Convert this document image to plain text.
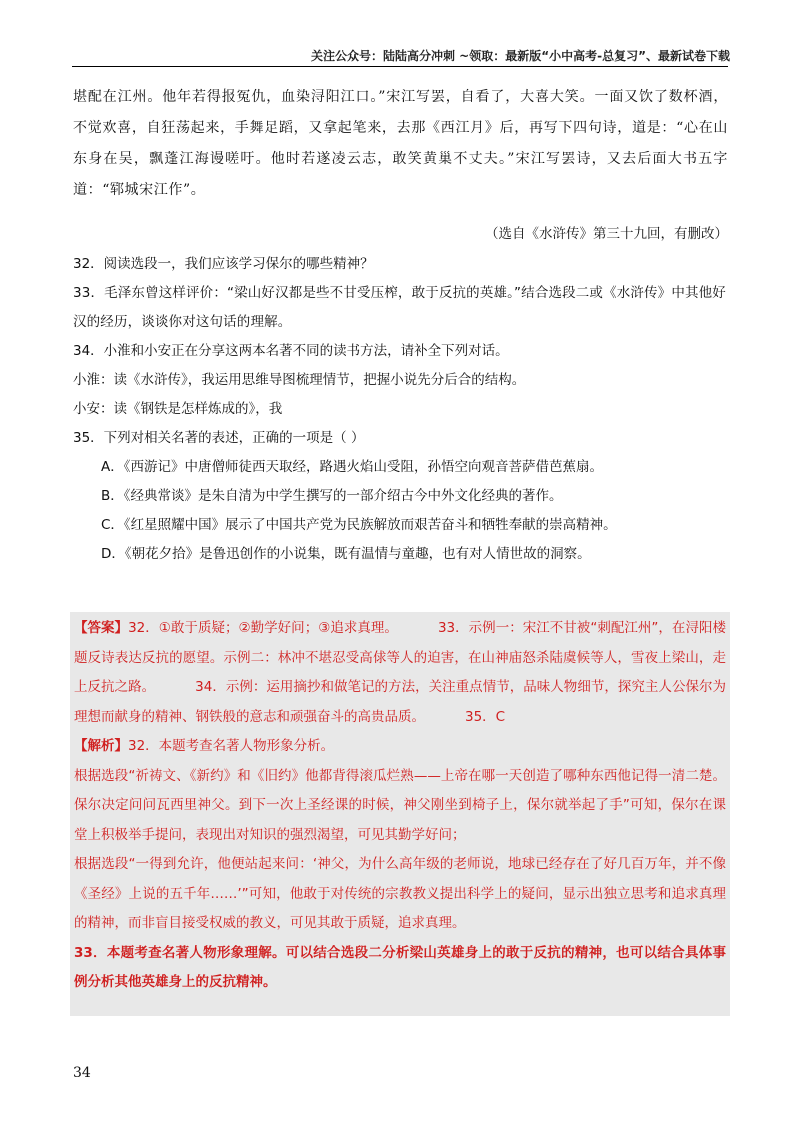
关注公众号：陆陆高分冲刺 ~领取：最新版“小中高考-总复习”、最新试卷下载

堪配在江州。他年若得报冤仇，血染浔阳江口。”宋江写罢，自看了，大喜大笑。一面又饮了数杯酒，不觉欢喜，自狂荡起来，手舞足蹈，又拿起笔来，去那《西江月》后，再写下四句诗，道是：“心在山东身在吴，飘蓬江海谩嗟吁。他时若遂凌云志，敢笑黄巢不丈夫。”宋江写罢诗，又去后面大书五字道：“郓城宋江作”。

（选自《水浒传》第三十九回，有删改）

32．阅读选段一，我们应该学习保尔的哪些精神？

33．毛泽东曾这样评价：“梁山好汉都是些不甘受压榨，敢于反抗的英雄。”结合选段二或《水浒传》中其他好汉的经历，谈谈你对这句话的理解。

34．小淮和小安正在分享这两本名著不同的读书方法，请补全下列对话。

小淮：读《水浒传》，我运用思维导图梳理情节，把握小说先分后合的结构。

小安：读《钢铁是怎样炼成的》，我

35．下列对相关名著的表述，正确的一项是（ ）

A．《西游记》中唐僧师徒西天取经，路遇火焰山受阻，孙悟空向观音菩萨借芭蕉扇。

B．《经典常谈》是朱自清为中学生撰写的一部介绍古今中外文化经典的著作。

C．《红星照耀中国》展示了中国共产党为民族解放而艰苦奋斗和牺牲奉献的崇高精神。

D．《朝花夕拾》是鲁迅创作的小说集，既有温情与童趣，也有对人情世故的洞察。

【答案】32．①敢于质疑；②勤学好问；③追求真理。	33．示例一：宋江不甘被“刺配江州”，在浔阳楼题反诗表达反抗的愿望。示例二：林冲不堪忍受高俅等人的迫害，在山神庙怒杀陆虞候等人，雪夜上梁山，走上反抗之路。	34．示例：运用摘抄和做笔记的方法，关注重点情节，品味人物细节，探究主人公保尔为理想而献身的精神、钢铁般的意志和顽强奋斗的高贵品质。	35．C

【解析】32．本题考查名著人物形象分析。

根据选段“祈祷文、《新约》和《旧约》他都背得滚瓜烂熟——上帝在哪一天创造了哪种东西他记得一清二楚。保尔决定问问瓦西里神父。到下一次上圣经课的时候，神父刚坐到椅子上，保尔就举起了手”可知，保尔在课堂上积极举手提问，表现出对知识的强烈渴望，可见其勤学好问；

根据选段“一得到允许，他便站起来问：‘神父，为什么高年级的老师说，地球已经存在了好几百万年，并不像《圣经》上说的五千年……’”可知，他敢于对传统的宗教教义提出科学上的疑问，显示出独立思考和追求真理的精神，而非盲目接受权威的教义，可见其敢于质疑，追求真理。

33．本题考查名著人物形象理解。可以结合选段二分析梁山英雄身上的敢于反抗的精神，也可以结合具体事例分析其他英雄身上的反抗精神。

34
